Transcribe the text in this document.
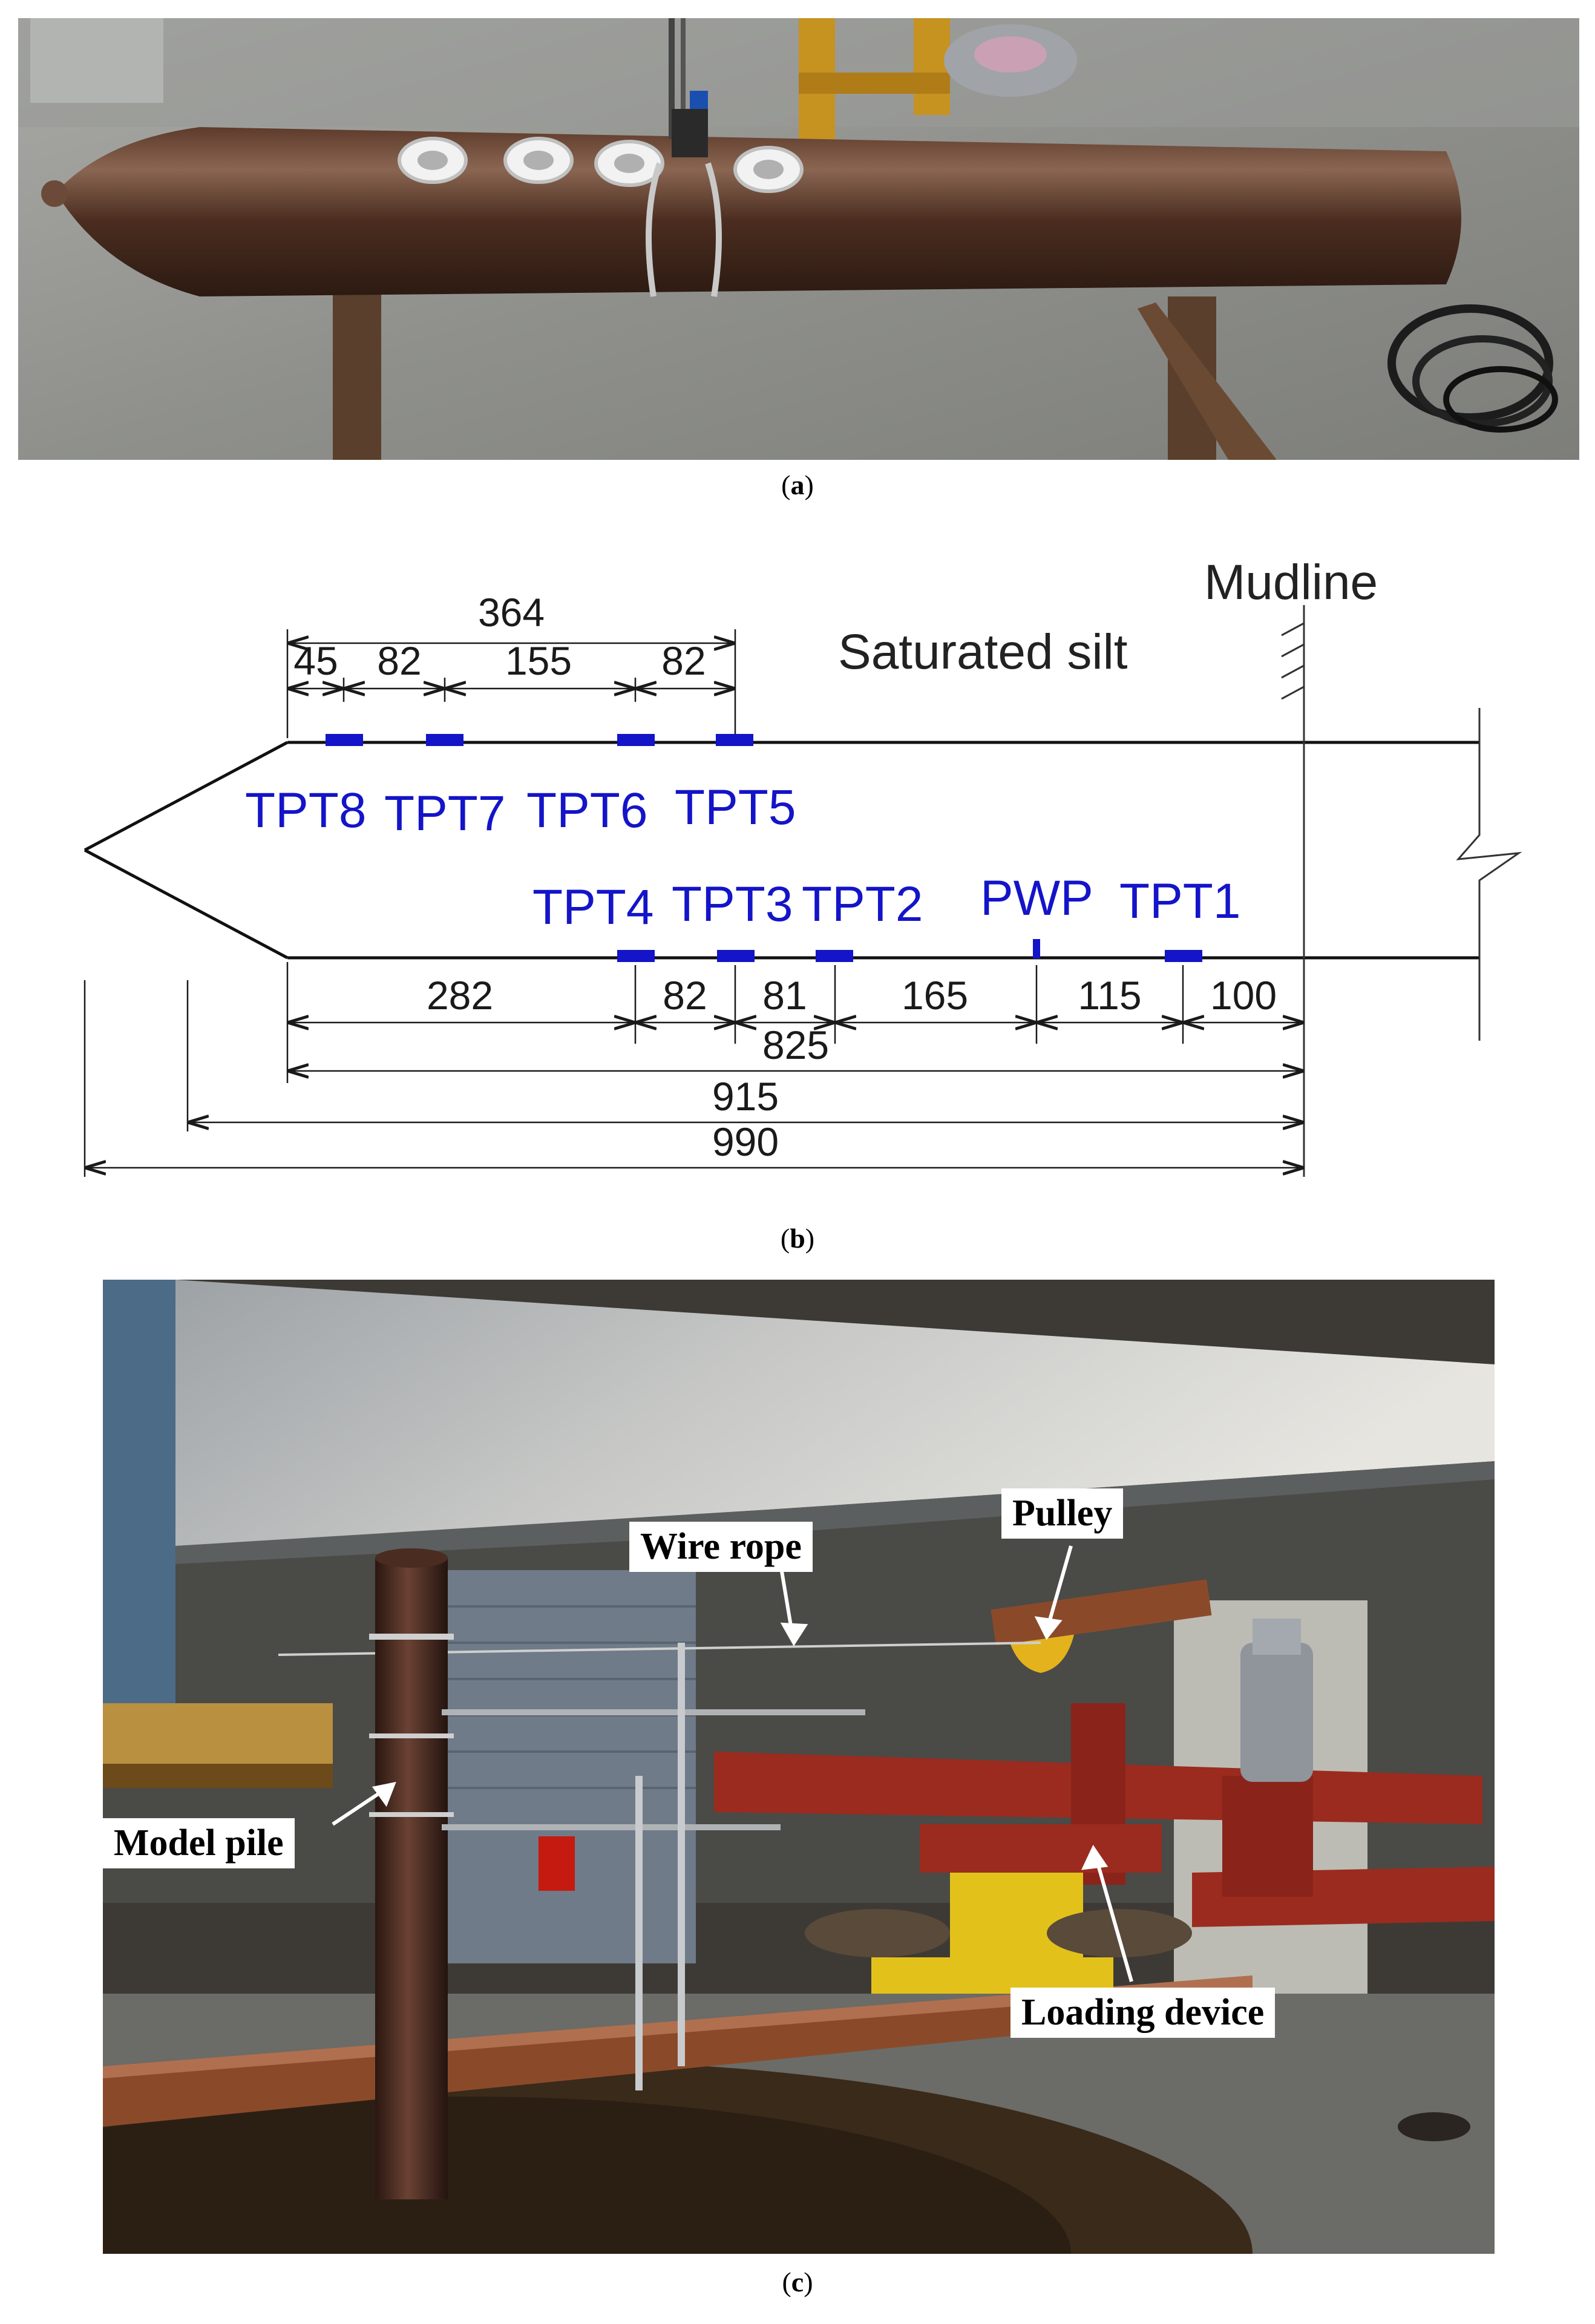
(a)
Mudline
Saturated silt
364
45 82 155 82
TPT8 TPT7 TPT6 TPT5
TPT4 TPT3 TPT2 PWP TPT1
282	82 81 165	115 100
825
915
990
(b)
Pulley
Wire rope
Model pile
Loading device
(c)
